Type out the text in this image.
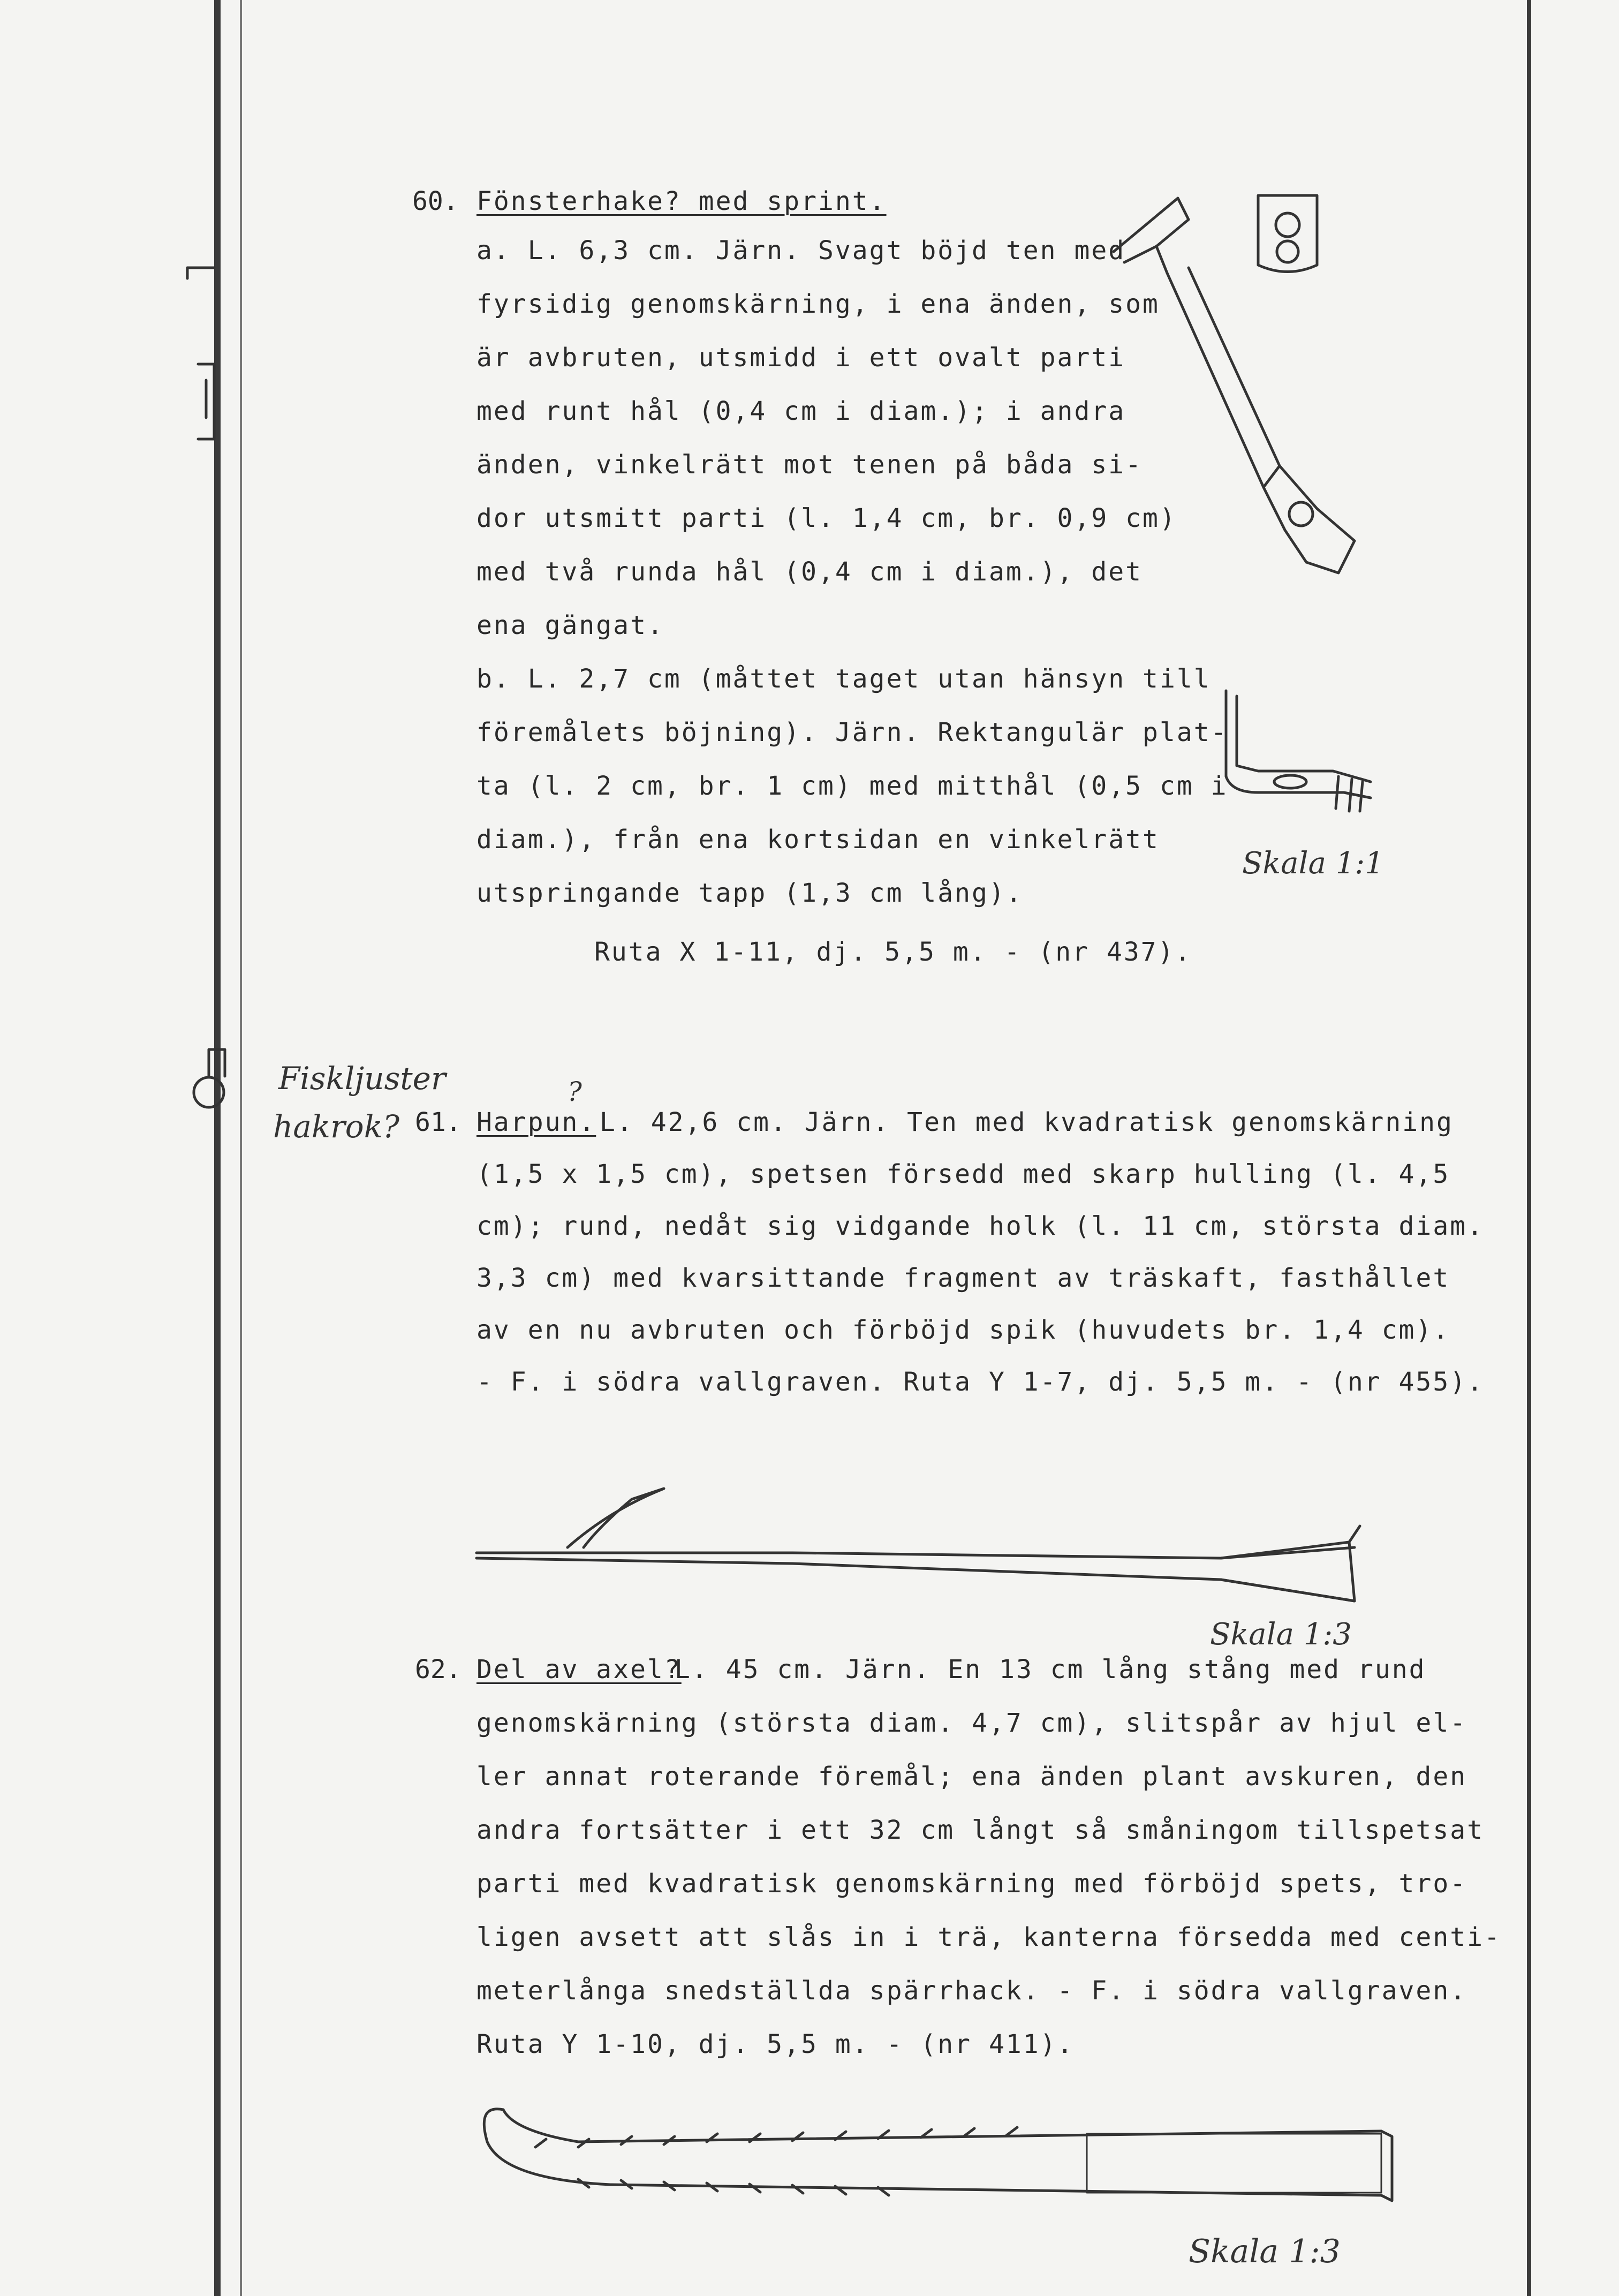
60. Fönsterhake? med sprint.
a. L. 6,3 cm. Järn. Svagt böjd ten med
fyrsidig genomskärning, i ena änden, som
är avbruten, utsmidd i ett ovalt parti
med runt hål (0,4 cm i diam.); i andra
änden, vinkelrätt mot tenen på båda si-
dor utsmitt parti (l. 1,4 cm, br. 0,9 cm)
med två runda hål (0,4 cm i diam.), det
ena gängat.
b. L. 2,7 cm (måttet taget utan hänsyn till
föremålets böjning). Järn. Rektangulär plat-
ta (l. 2 cm, br. 1 cm) med mitthål (0,5 cm i
diam.), från ena kortsidan en vinkelrätt
utspringande tapp (1,3 cm lång).
Ruta X 1-11, dj. 5,5 m. - (nr 437).
Skala 1:1
Fiskljuster
hakrok? 61. Harpun.
?
L. 42,6 cm. Järn. Ten med kvadratisk genomskärning
(1,5 x 1,5 cm), spetsen försedd med skarp hulling (l. 4,5
cm); rund, nedåt sig vidgande holk (l. 11 cm, största diam.
3,3 cm) med kvarsittande fragment av träskaft, fasthållet
av en nu avbruten och förböjd spik (huvudets br. 1,4 cm).
- F. i södra vallgraven. Ruta Y 1-7, dj. 5,5 m. - (nr 455).
Skala 1:3
62. Del av axel?
L. 45 cm. Järn. En 13 cm lång stång med rund
genomskärning (största diam. 4,7 cm), slitspår av hjul el-
ler annat roterande föremål; ena änden plant avskuren, den
andra fortsätter i ett 32 cm långt så småningom tillspetsat
parti med kvadratisk genomskärning med förböjd spets, tro-
ligen avsett att slås in i trä, kanterna försedda med centi-
meterlånga snedställda spärrhack. - F. i södra vallgraven.
Ruta Y 1-10, dj. 5,5 m. - (nr 411).
Skala 1:3
